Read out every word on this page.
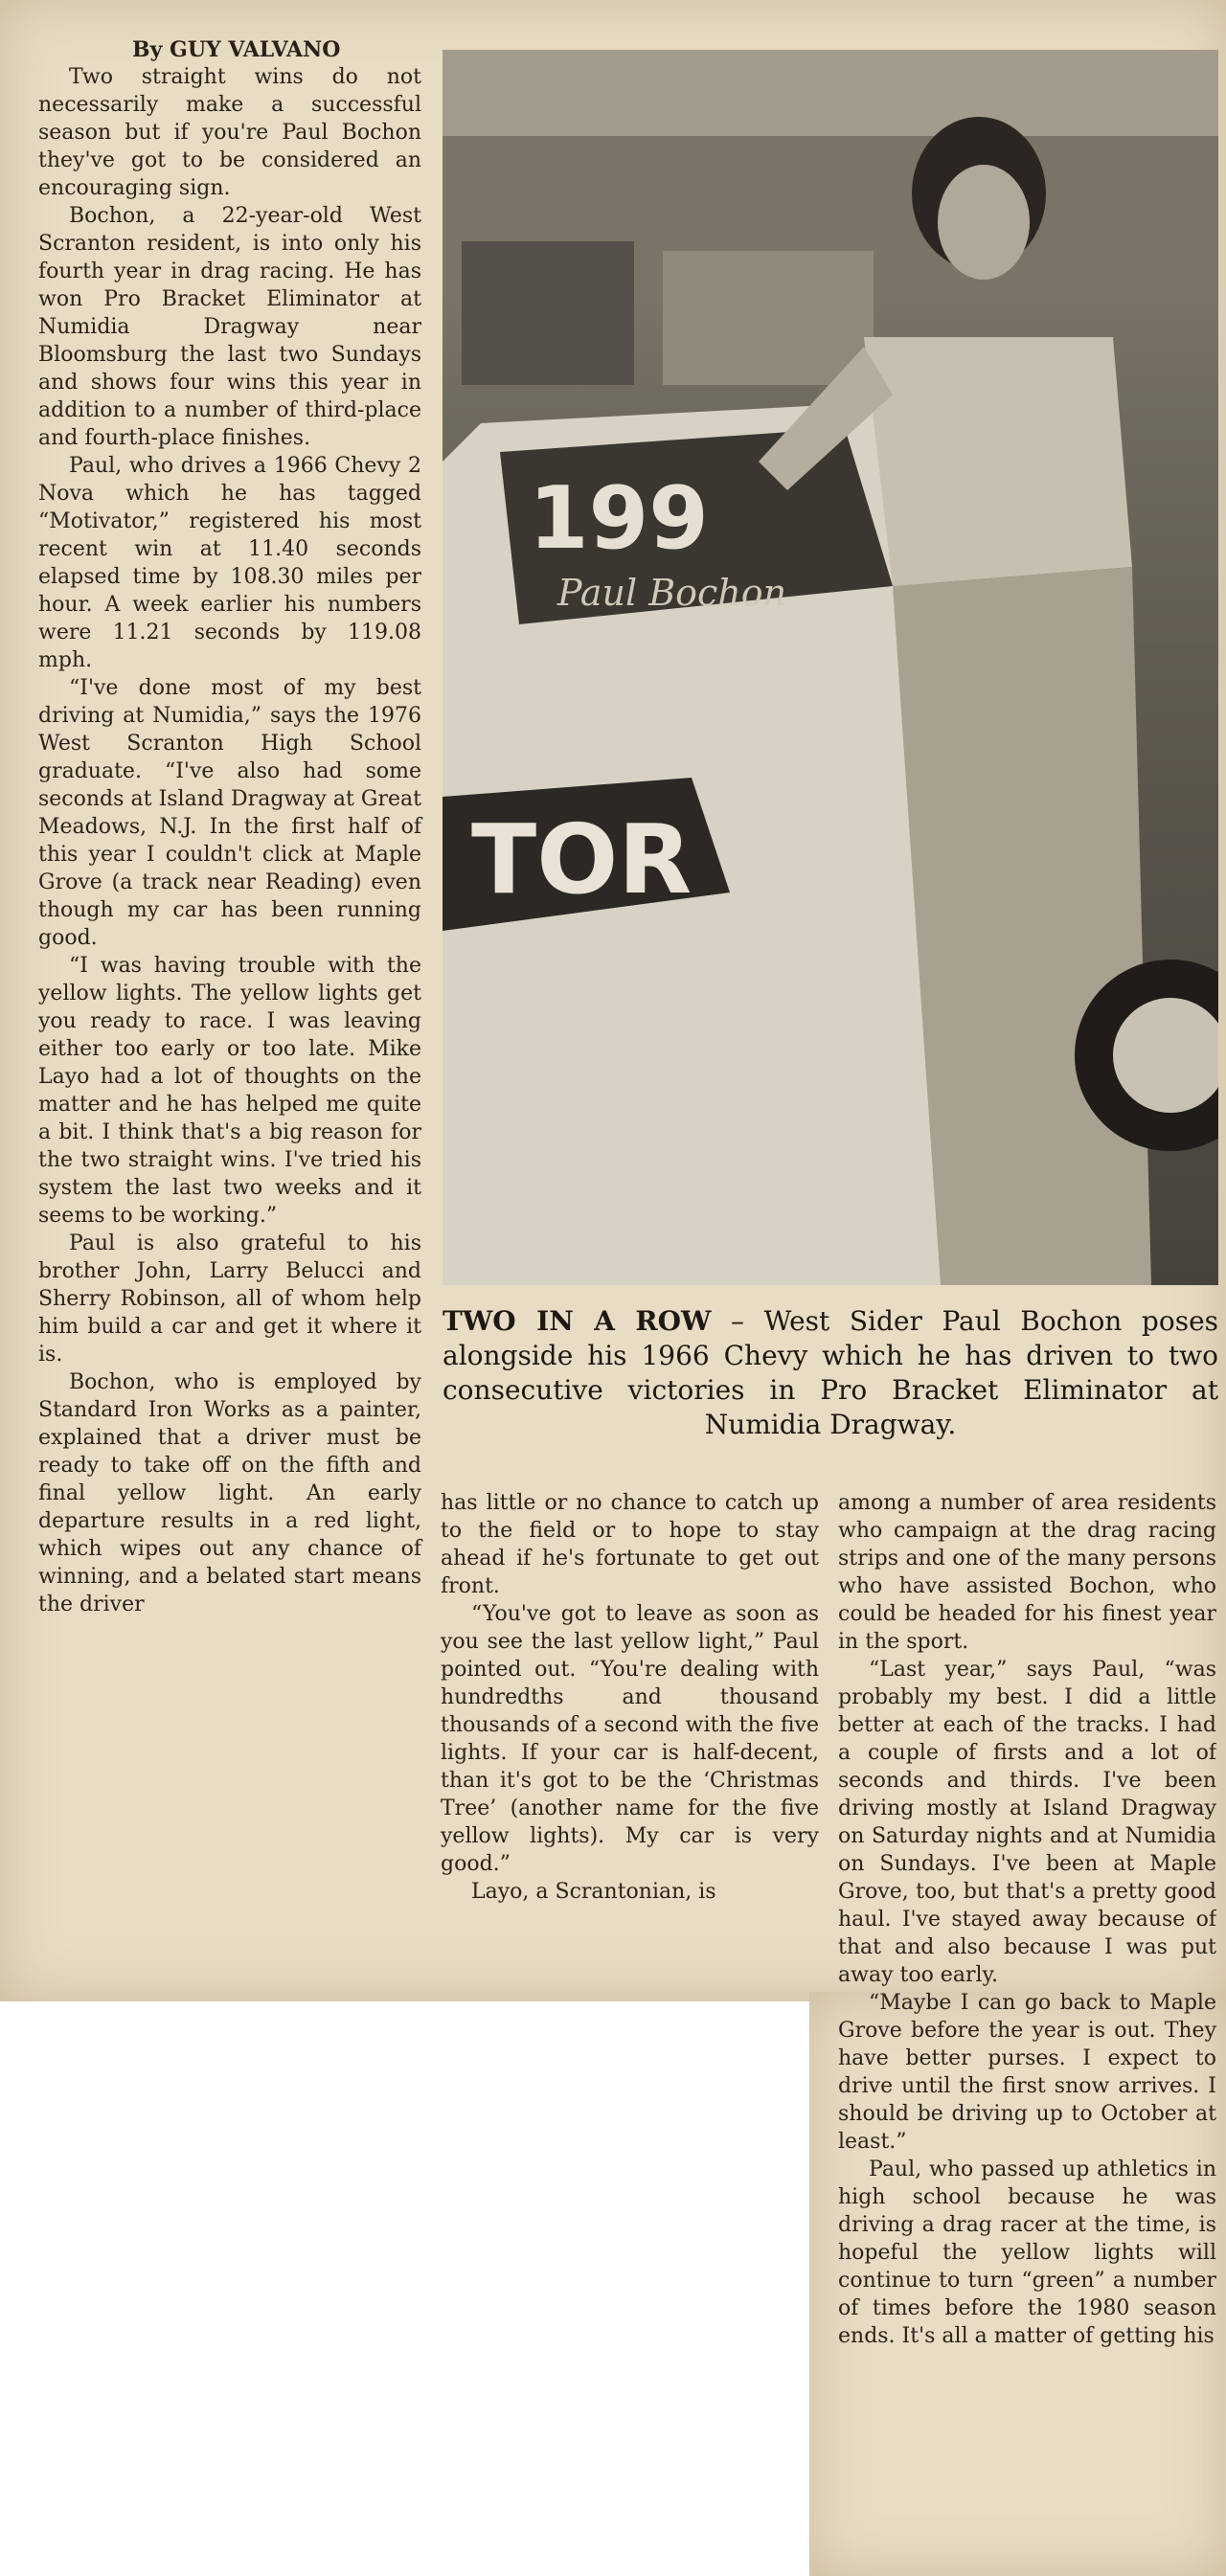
By GUY VALVANO

Two straight wins do not necessarily make a successful season but if you're Paul Bochon they've got to be considered an encouraging sign.

Bochon, a 22-year-old West Scranton resident, is into only his fourth year in drag racing. He has won Pro Bracket Eliminator at Numidia Dragway near Bloomsburg the last two Sundays and shows four wins this year in addition to a number of third-place and fourth-place finishes.

Paul, who drives a 1966 Chevy 2 Nova which he has tagged “Motivator,” registered his most recent win at 11.40 seconds elapsed time by 108.30 miles per hour. A week earlier his numbers were 11.21 seconds by 119.08 mph.

“I've done most of my best driving at Numidia,” says the 1976 West Scranton High School graduate. “I've also had some seconds at Island Dragway at Great Meadows, N.J. In the first half of this year I couldn't click at Maple Grove (a track near Reading) even though my car has been running good.

“I was having trouble with the yellow lights. The yellow lights get you ready to race. I was leaving either too early or too late. Mike Layo had a lot of thoughts on the matter and he has helped me quite a bit. I think that's a big reason for the two straight wins. I've tried his system the last two weeks and it seems to be working.”

Paul is also grateful to his brother John, Larry Belucci and Sherry Robinson, all of whom help him build a car and get it where it is.

Bochon, who is employed by Standard Iron Works as a painter, explained that a driver must be ready to take off on the fifth and final yellow light. An early departure results in a red light, which wipes out any chance of winning, and a belated start means the driver

199
Paul Bochon
TOR
TWO IN A ROW – West Sider Paul Bochon poses alongside his 1966 Chevy which he has driven to two consecutive victories in Pro Bracket Eliminator at Numidia Dragway.

has little or no chance to catch up to the field or to hope to stay ahead if he's fortunate to get out front.

“You've got to leave as soon as you see the last yellow light,” Paul pointed out. “You're dealing with hundredths and thousand thousands of a second with the five lights. If your car is half-decent, than it's got to be the ‘Christmas Tree’ (another name for the five yellow lights). My car is very good.”

Layo, a Scrantonian, is

among a number of area residents who campaign at the drag racing strips and one of the many persons who have assisted Bochon, who could be headed for his finest year in the sport.

“Last year,” says Paul, “was probably my best. I did a little better at each of the tracks. I had a couple of firsts and a lot of seconds and thirds. I've been driving mostly at Island Dragway on Saturday nights and at Numidia on Sundays. I've been at Maple Grove, too, but that's a pretty good haul. I've stayed away because of that and also because I was put away too early.

“Maybe I can go back to Maple Grove before the year is out. They have better purses. I expect to drive until the first snow arrives. I should be driving up to October at least.”

Paul, who passed up athletics in high school because he was driving a drag racer at the time, is hopeful the yellow lights will continue to turn “green” a number of times before the 1980 season ends. It's all a matter of getting his
